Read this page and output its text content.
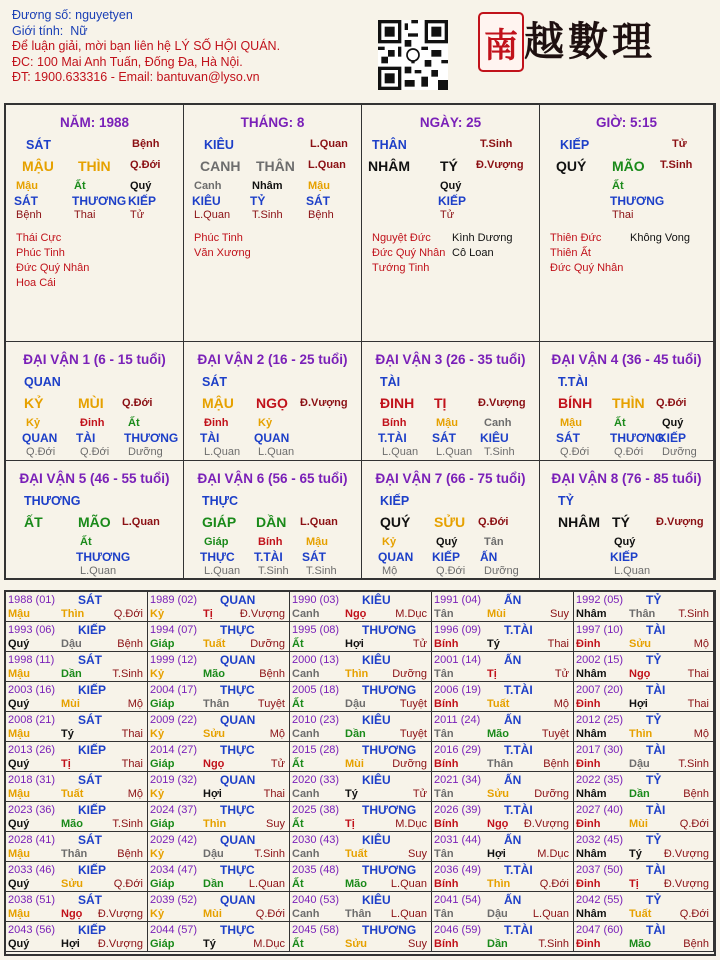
Đương số: nguyetyen
Giới tính: Nữ
Để luận giải, mời bạn liên hệ LÝ SỐ HỘI QUÁN.
ĐC: 100 Mai Anh Tuấn, Đống Đa, Hà Nội.
ĐT: 1900.633316 - Email: bantuvan@lyso.vn
南 越數理
NĂM: 1988
SÁT	Bệnh
MẬU THÌN Q.Đới
Mậu
SÁT
Bệnh
Ất
THƯƠNG
Thai
Quý
KIẾP
Tử
Thái Cực
Phúc Tinh
Đức Quý Nhân
Hoa Cái
THÁNG: 8
KIÊU	L.Quan
CANH THÂN L.Quan
Canh
KIÊU
L.Quan
Nhâm
TỶ
T.Sinh
Mậu
SÁT
Bệnh
Phúc Tinh
Văn Xương
NGÀY: 25
THÂN	T.Sinh
NHÂM TÝ Đ.Vượng
Quý
KIẾP
Tử
Nguyệt Đức
Đức Quý Nhân
Tướng Tinh
Kình Dương
Cô Loan
GIỜ: 5:15
KIẾP	Tử
QUÝ MÃO T.Sinh
Ất
THƯƠNG
Thai
Thiên Đức
Thiên Ất
Đức Quý Nhân
Không Vong
ĐẠI VẬN 1 (6 - 15 tuổi)
QUAN
KỶ MÙI Q.Đới
Kỷ
QUAN
Q.Đới
Đinh
TÀI
Q.Đới
Ất
THƯƠNG
Dưỡng
ĐẠI VẬN 2 (16 - 25 tuổi)
SÁT
MẬU NGỌ Đ.Vượng
Đinh
TÀI
L.Quan
Kỷ
QUAN
L.Quan
ĐẠI VẬN 3 (26 - 35 tuổi)
TÀI
ĐINH TỊ	Đ.Vượng
Bính
T.TÀI
L.Quan
Mậu
SÁT
L.Quan
Canh
KIÊU
T.Sinh
ĐẠI VẬN 4 (36 - 45 tuổi)
T.TÀI
BÍNH THÌN Q.Đới
Mậu
SÁT
Q.Đới
Ất
THƯƠNG
Q.Đới
Quý
KIẾP
Dưỡng
ĐẠI VẬN 5 (46 - 55 tuổi)
THƯƠNG
ẤT	MÃO L.Quan
Ất
THƯƠNG
L.Quan
ĐẠI VẬN 6 (56 - 65 tuổi)
THỰC
GIÁP DẦN L.Quan
Giáp
THỰC
L.Quan
Bính
T.TÀI
T.Sinh
Mậu
SÁT
T.Sinh
ĐẠI VẬN 7 (66 - 75 tuổi)
KIẾP
QUÝ SỬU Q.Đới
Kỷ
QUAN
Mộ
Quý
KIẾP
Q.Đới
Tân
ẤN
Dưỡng
ĐẠI VẬN 8 (76 - 85 tuổi)
TỶ
NHÂM TÝ Đ.Vượng
Quý
KIẾP
L.Quan
1988 (01) SÁT
Mậu	Thìn	Q.Đới
1989 (02) QUAN
Kỷ	Tị Đ.Vượng
1990 (03) KIÊU
Canh Ngọ	M.Dục
1991 (04) ẤN
Tân	Mùi	Suy
1992 (05) TỶ
Nhâm Thân T.Sinh
1993 (06) KIẾP
Quý	Dậu	Bệnh
1994 (07) THỰC
Giáp	Tuất Dưỡng
1995 (08) THƯƠNG
Ất	Hợi	Tử
1996 (09) T.TÀI
Bính	Tý	Thai
1997 (10) TÀI
Đinh	Sửu	Mộ
1998 (11) SÁT
Mậu	Dần	T.Sinh
1999 (12) QUAN
Kỷ	Mão	Bệnh
2000 (13) KIÊU
Canh Thìn Dưỡng
2001 (14) ẤN
Tân	Tị	Tử
2002 (15) TỶ
Nhâm Ngọ	Thai
2003 (16) KIẾP
Quý	Mùi	Mộ
2004 (17) THỰC
Giáp	Thân	Tuyệt
2005 (18) THƯƠNG
Ất	Dậu	Tuyệt
2006 (19) T.TÀI
Bính	Tuất	Mộ
2007 (20) TÀI
Đinh	Hợi	Thai
2008 (21) SÁT
Mậu	Tý	Thai
2009 (22) QUAN
Kỷ	Sửu	Mộ
2010 (23) KIÊU
Canh Dần	Tuyệt
2011 (24) ẤN
Tân	Mão	Tuyệt
2012 (25) TỶ
Nhâm Thìn	Mộ
2013 (26) KIẾP
Quý	Tị	Thai
2014 (27) THỰC
Giáp	Ngọ	Tử
2015 (28) THƯƠNG
Ất	Mùi	Dưỡng
2016 (29) T.TÀI
Bính	Thân	Bệnh
2017 (30) TÀI
Đinh	Dậu	T.Sinh
2018 (31) SÁT
Mậu	Tuất	Mộ
2019 (32) QUAN
Kỷ	Hợi	Thai
2020 (33) KIÊU
Canh Tý	Tử
2021 (34) ẤN
Tân	Sửu Dưỡng
2022 (35) TỶ
Nhâm Dần	Bệnh
2023 (36) KIẾP
Quý	Mão	T.Sinh
2024 (37) THỰC
Giáp	Thìn	Suy
2025 (38) THƯƠNG
Ất	Tị	M.Dục
2026 (39) T.TÀI
Bính	Ngọ Đ.Vượng
2027 (40) TÀI
Đinh	Mùi	Q.Đới
2028 (41) SÁT
Mậu	Thân	Bệnh
2029 (42) QUAN
Kỷ	Dậu	T.Sinh
2030 (43) KIÊU
Canh Tuất	Suy
2031 (44) ẤN
Tân	Hợi	M.Dục
2032 (45) TỶ
Nhâm Tý Đ.Vượng
2033 (46) KIẾP
Quý	Sửu	Q.Đới
2034 (47) THỰC
Giáp	Dần L.Quan
2035 (48) THƯƠNG
Ất	Mão L.Quan
2036 (49) T.TÀI
Bính	Thìn	Q.Đới
2037 (50) TÀI
Đinh	Tị Đ.Vượng
2038 (51) SÁT
Mậu	Ngọ Đ.Vượng
2039 (52) QUAN
Kỷ	Mùi	Q.Đới
2040 (53) KIÊU
Canh Thân L.Quan
2041 (54) ẤN
Tân	Dậu L.Quan
2042 (55) TỶ
Nhâm Tuất	Q.Đới
2043 (56) KIẾP
Quý	Hợi Đ.Vượng
2044 (57) THỰC
Giáp	Tý	M.Dục
2045 (58) THƯƠNG
Ất	Sửu	Suy
2046 (59) T.TÀI
Bính	Dần	T.Sinh
2047 (60) TÀI
Đinh	Mão	Bệnh
